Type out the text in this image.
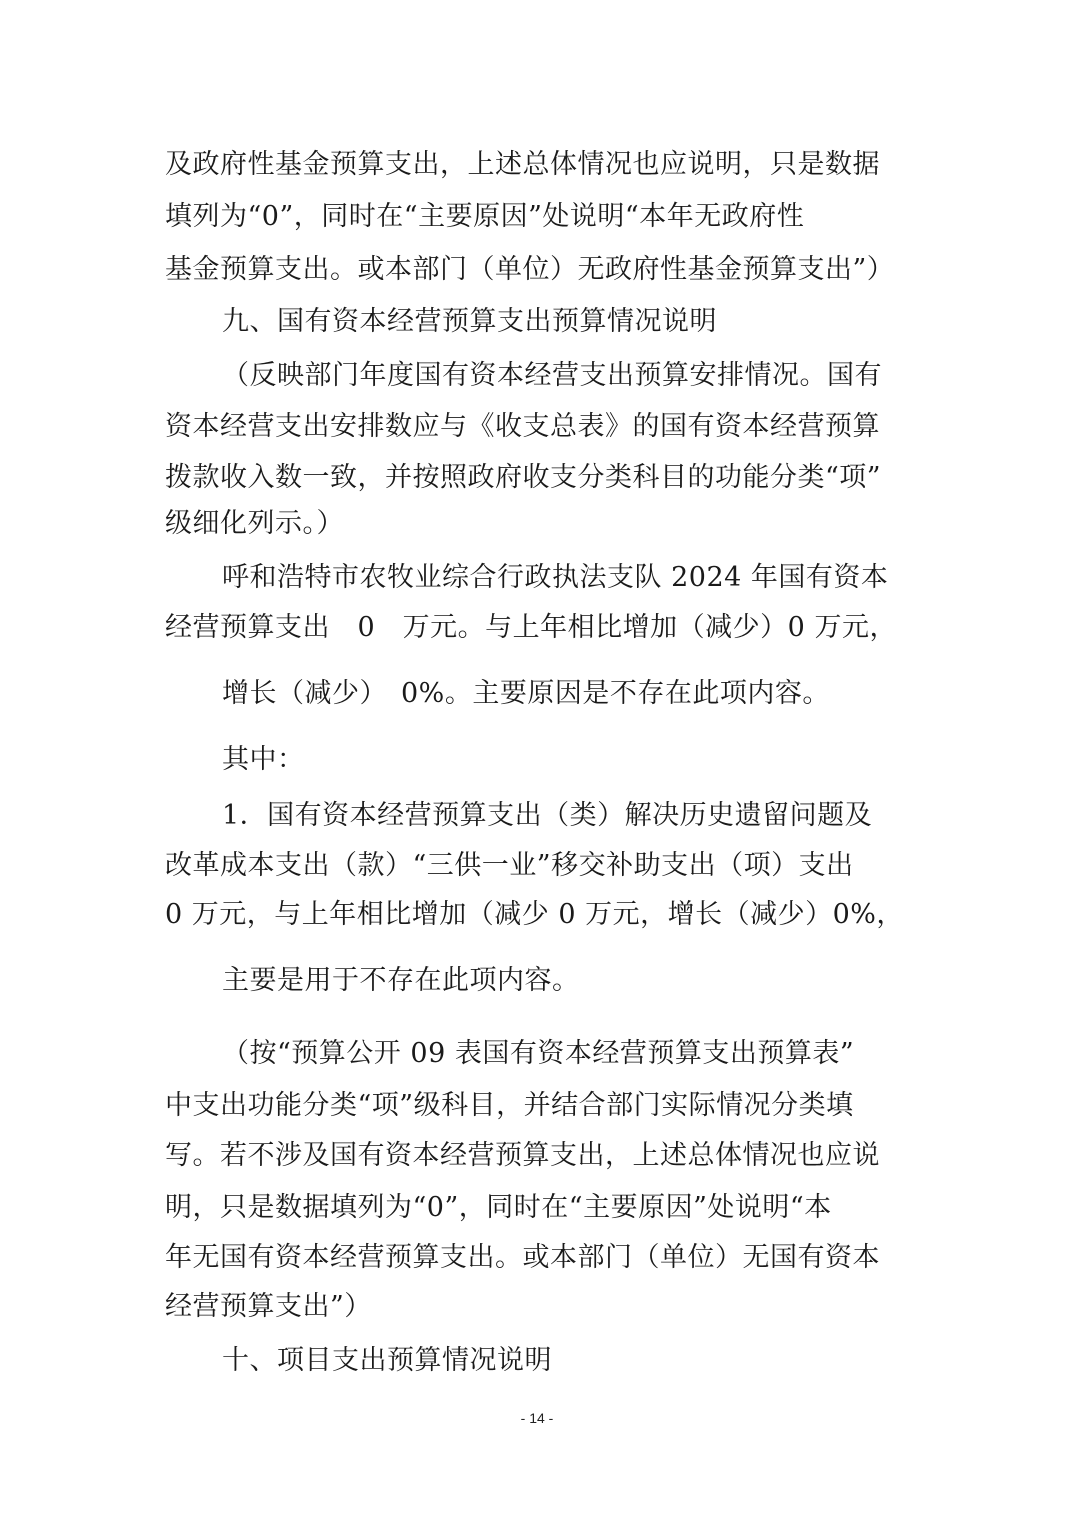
及政府性基金预算支出，上述总体情况也应说明，只是数据
填列为“0”，同时在“主要原因”处说明“本年无政府性
基金预算支出。或本部门（单位）无政府性基金预算支出”）
九、国有资本经营预算支出预算情况说明
（反映部门年度国有资本经营支出预算安排情况。国有
资本经营支出安排数应与《收支总表》的国有资本经营预算
拨款收入数一致，并按照政府收支分类科目的功能分类“项”
级细化列示。）
呼和浩特市农牧业综合行政执法支队 2024 年国有资本
经营预算支出　0　万元。与上年相比增加（减少）0 万元，
增长（减少）　0%。主要原因是不存在此项内容。
其中：
1．国有资本经营预算支出（类）解决历史遗留问题及
改革成本支出（款）“三供一业”移交补助支出（项）支出
0 万元，与上年相比增加（减少 0 万元，增长（减少）0%，
主要是用于不存在此项内容。
（按“预算公开 09 表国有资本经营预算支出预算表”
中支出功能分类“项”级科目，并结合部门实际情况分类填
写。若不涉及国有资本经营预算支出，上述总体情况也应说
明，只是数据填列为“0”，同时在“主要原因”处说明“本
年无国有资本经营预算支出。或本部门（单位）无国有资本
经营预算支出”）
十、项目支出预算情况说明
- 14 -
